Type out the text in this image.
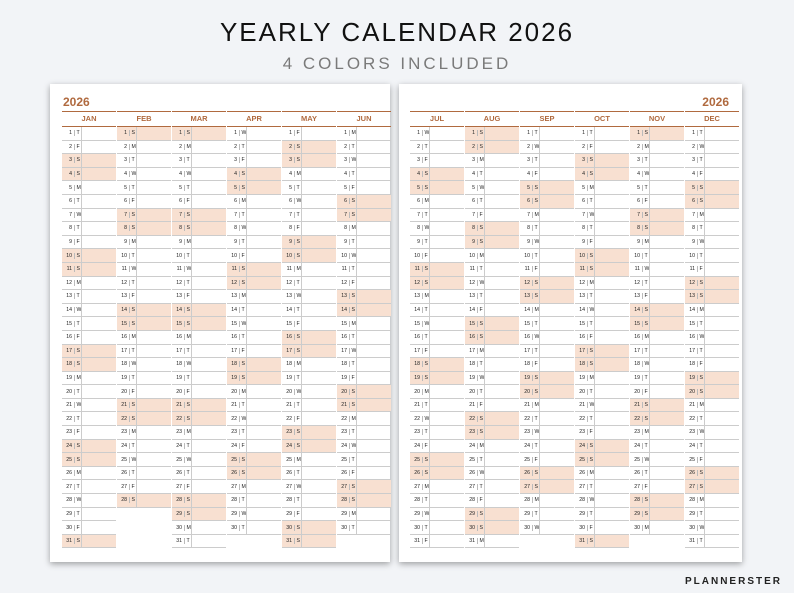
YEARLY CALENDAR 2026
4 COLORS INCLUDED
2026
JAN
1 T
2 F
3 S
4 S
5 M
6 T
7 W
8 T
9 F
10 S
11 S
12 M
13 T
14 W
15 T
16 F
17 S
18 S
19 M
20 T
21 W
22 T
23 F
24 S
25 S
26 M
27 T
28 W
29 T
30 F
31 S
FEB
1 S
2 M
3 T
4 W
5 T
6 F
7 S
8 S
9 M
10 T
11 W
12 T
13 F
14 S
15 S
16 M
17 T
18 W
19 T
20 F
21 S
22 S
23 M
24 T
25 W
26 T
27 F
28 S
MAR
1 S
2 M
3 T
4 W
5 T
6 F
7 S
8 S
9 M
10 T
11 W
12 T
13 F
14 S
15 S
16 M
17 T
18 W
19 T
20 F
21 S
22 S
23 M
24 T
25 W
26 T
27 F
28 S
29 S
30 M
31 T
APR
1 W
2 T
3 F
4 S
5 S
6 M
7 T
8 W
9 T
10 F
11 S
12 S
13 M
14 T
15 W
16 T
17 F
18 S
19 S
20 M
21 T
22 W
23 T
24 F
25 S
26 S
27 M
28 T
29 W
30 T
MAY
1 F
2 S
3 S
4 M
5 T
6 W
7 T
8 F
9 S
10 S
11 M
12 T
13 W
14 T
15 F
16 S
17 S
18 M
19 T
20 W
21 T
22 F
23 S
24 S
25 M
26 T
27 W
28 T
29 F
30 S
31 S
JUN
1 M
2 T
3 W
4 T
5 F
6 S
7 S
8 M
9 T
10 W
11 T
12 F
13 S
14 S
15 M
16 T
17 W
18 T
19 F
20 S
21 S
22 M
23 T
24 W
25 T
26 F
27 S
28 S
29 M
30 T
2026
JUL
1 W
2 T
3 F
4 S
5 S
6 M
7 T
8 W
9 T
10 F
11 S
12 S
13 M
14 T
15 W
16 T
17 F
18 S
19 S
20 M
21 T
22 W
23 T
24 F
25 S
26 S
27 M
28 T
29 W
30 T
31 F
AUG
1 S
2 S
3 M
4 T
5 W
6 T
7 F
8 S
9 S
10 M
11 T
12 W
13 T
14 F
15 S
16 S
17 M
18 T
19 W
20 T
21 F
22 S
23 S
24 M
25 T
26 W
27 T
28 F
29 S
30 S
31 M
SEP
1 T
2 W
3 T
4 F
5 S
6 S
7 M
8 T
9 W
10 T
11 F
12 S
13 S
14 M
15 T
16 W
17 T
18 F
19 S
20 S
21 M
22 T
23 W
24 T
25 F
26 S
27 S
28 M
29 T
30 W
OCT
1 T
2 F
3 S
4 S
5 M
6 T
7 W
8 T
9 F
10 S
11 S
12 M
13 T
14 W
15 T
16 F
17 S
18 S
19 M
20 T
21 W
22 T
23 F
24 S
25 S
26 M
27 T
28 W
29 T
30 F
31 S
NOV
1 S
2 M
3 T
4 W
5 T
6 F
7 S
8 S
9 M
10 T
11 W
12 T
13 F
14 S
15 S
16 M
17 T
18 W
19 T
20 F
21 S
22 S
23 M
24 T
25 W
26 T
27 F
28 S
29 S
30 M
DEC
1 T
2 W
3 T
4 F
5 S
6 S
7 M
8 T
9 W
10 T
11 F
12 S
13 S
14 M
15 T
16 W
17 T
18 F
19 S
20 S
21 M
22 T
23 W
24 T
25 F
26 S
27 S
28 M
29 T
30 W
31 T
PLANNERSTER
